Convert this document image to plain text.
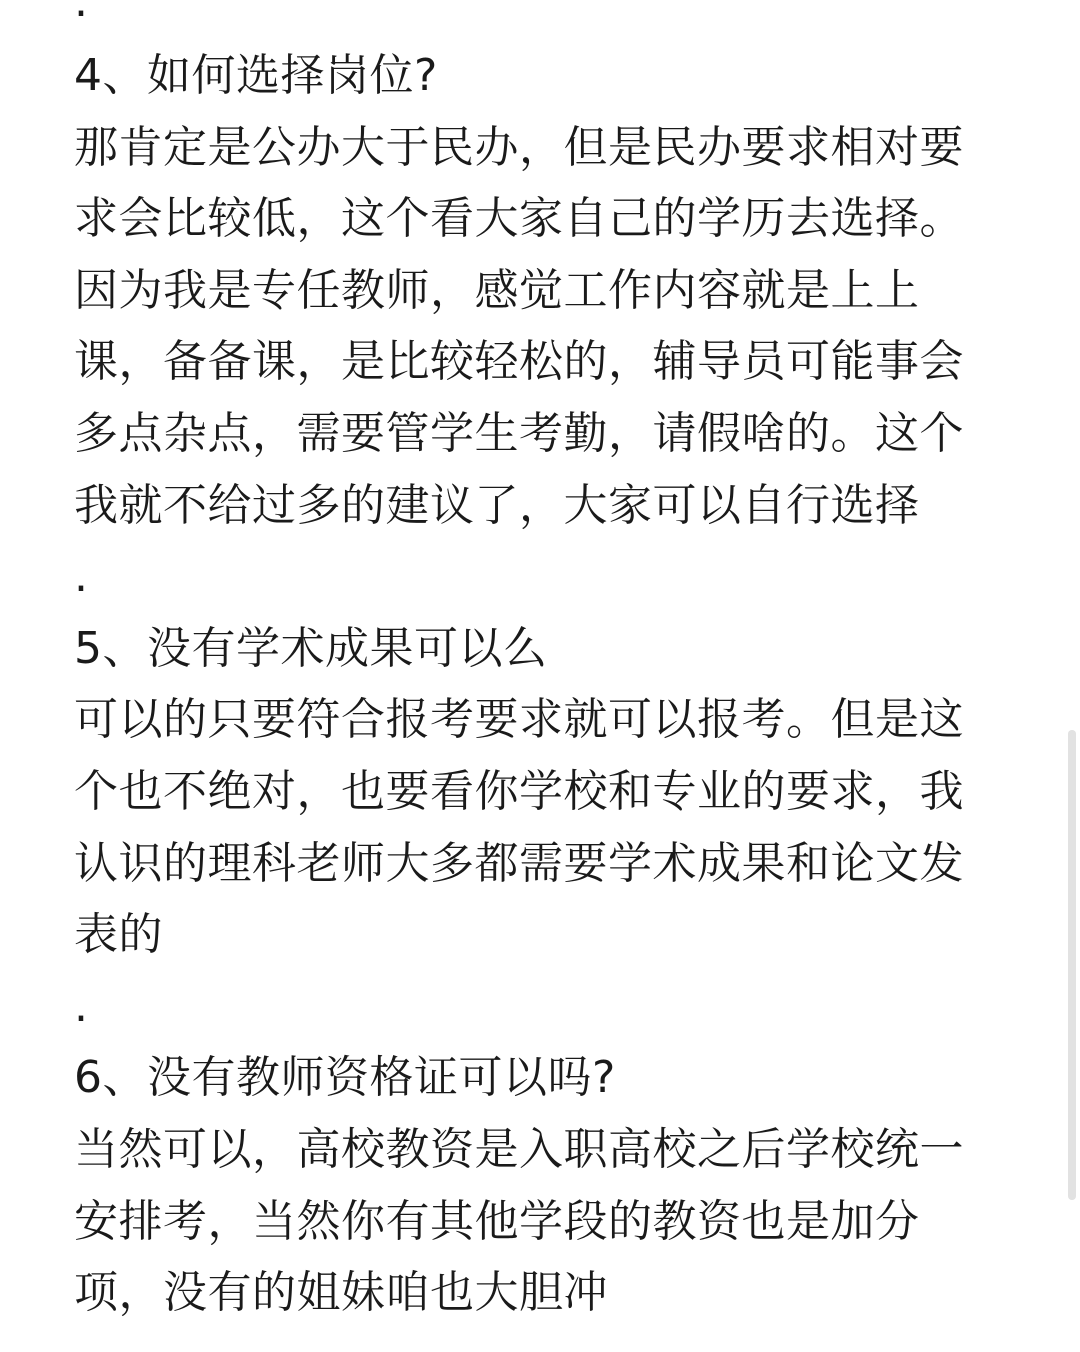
.
4、如何选择岗位?
那肯定是公办大于民办，但是民办要求相对要
求会比较低，这个看大家自己的学历去选择。
因为我是专任教师，感觉工作内容就是上上
课，备备课，是比较轻松的，辅导员可能事会
多点杂点，需要管学生考勤，请假啥的。这个
我就不给过多的建议了，大家可以自行选择
.
5、没有学术成果可以么
可以的只要符合报考要求就可以报考。但是这
个也不绝对，也要看你学校和专业的要求，我
认识的理科老师大多都需要学术成果和论文发
表的
.
6、没有教师资格证可以吗?
当然可以，高校教资是入职高校之后学校统一
安排考，当然你有其他学段的教资也是加分
项，没有的姐妹咱也大胆冲
